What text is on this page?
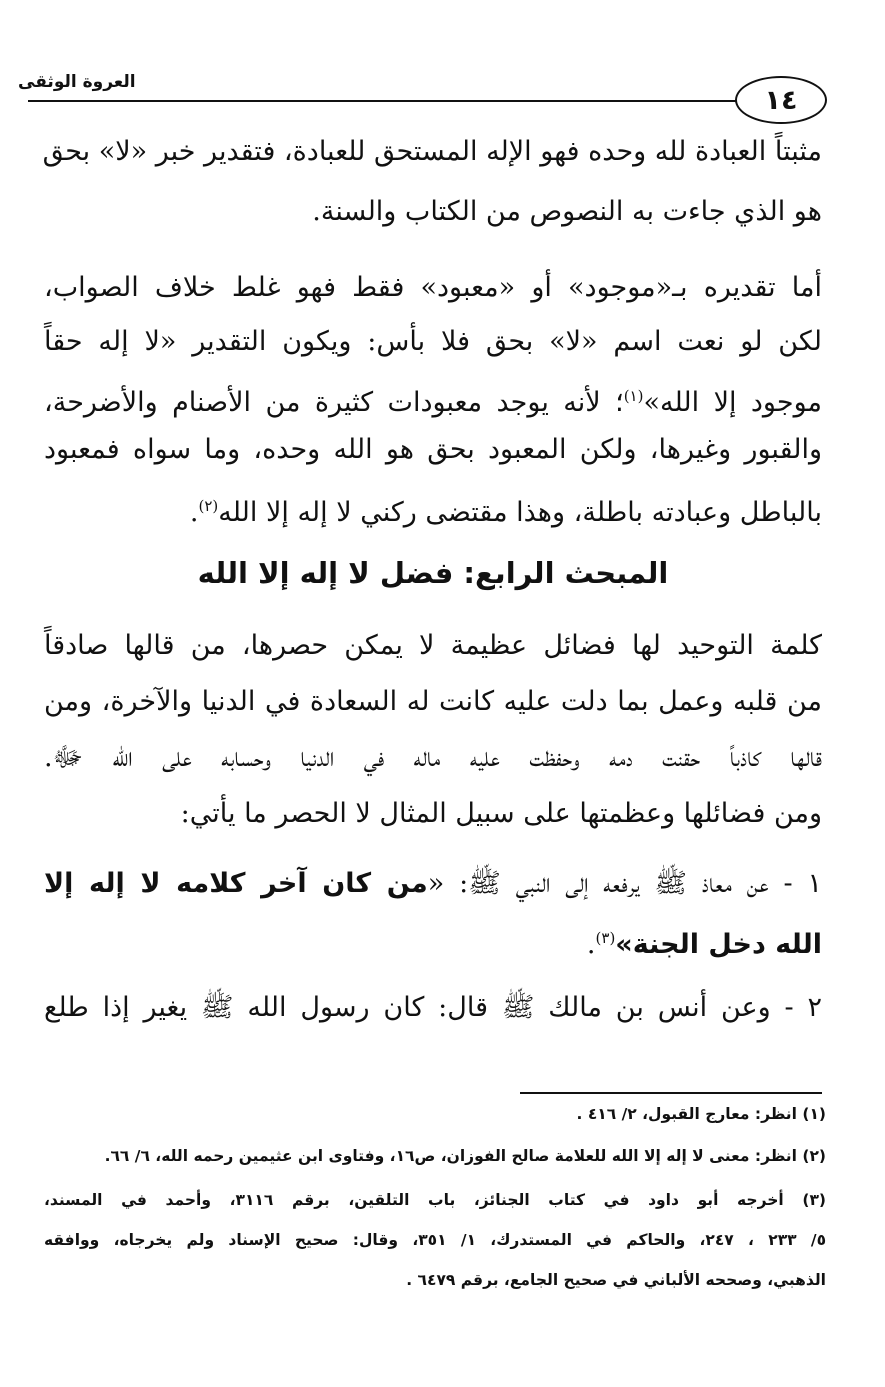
العروة الوثقى
١٤
مثبتاً العبادة لله وحده فهو الإله المستحق للعبادة، فتقدير خبر «لا» بحق
هو الذي جاءت به النصوص من الكتاب والسنة.
أما تقديره بـ«موجود» أو «معبود» فقط فهو غلط خلاف الصواب،
لكن لو نعت اسم «لا» بحق فلا بأس: ويكون التقدير «لا إله حقاً
موجود إلا الله»$^{(١)}$؛ لأنه يوجد معبودات كثيرة من الأصنام والأضرحة،
والقبور وغيرها، ولكن المعبود بحق هو الله وحده، وما سواه فمعبود
بالباطل وعبادته باطلة، وهذا مقتضى ركني لا إله إلا الله$^{(٢)}$.
المبحث الرابع: فضل لا إله إلا الله
كلمة التوحيد لها فضائل عظيمة لا يمكن حصرها، من قالها صادقاً
من قلبه وعمل بما دلت عليه كانت له السعادة في الدنيا والآخرة، ومن
قالها كاذباً حقنت دمه وحفظت عليه ماله في الدنيا وحسابه على الله ﷻ.
ومن فضائلها وعظمتها على سبيل المثال لا الحصر ما يأتي:
١ - عن معاذ ﷺ يرفعه إلى النبي ﷺ: «من كان آخر كلامه لا إله إلا
الله دخل الجنة»$^{(٣)}$.
٢ - وعن أنس بن مالك ﷺ قال: كان رسول الله ﷺ يغير إذا طلع
(١) انظر: معارج القبول، ٢/ ٤١٦ .
(٢) انظر: معنى لا إله إلا الله للعلامة صالح الفوزان، ص١٦، وفتاوى ابن عثيمين رحمه الله، ٦/ ٦٦.
(٣) أخرجه أبو داود في كتاب الجنائز، باب التلقين، برقم ٣١١٦، وأحمد في المسند،
٥/ ٢٣٣ ، ٢٤٧، والحاكم في المستدرك، ١/ ٣٥١، وقال: صحيح الإسناد ولم يخرجاه، ووافقه
الذهبي، وصححه الألباني في صحيح الجامع، برقم ٦٤٧٩ .
